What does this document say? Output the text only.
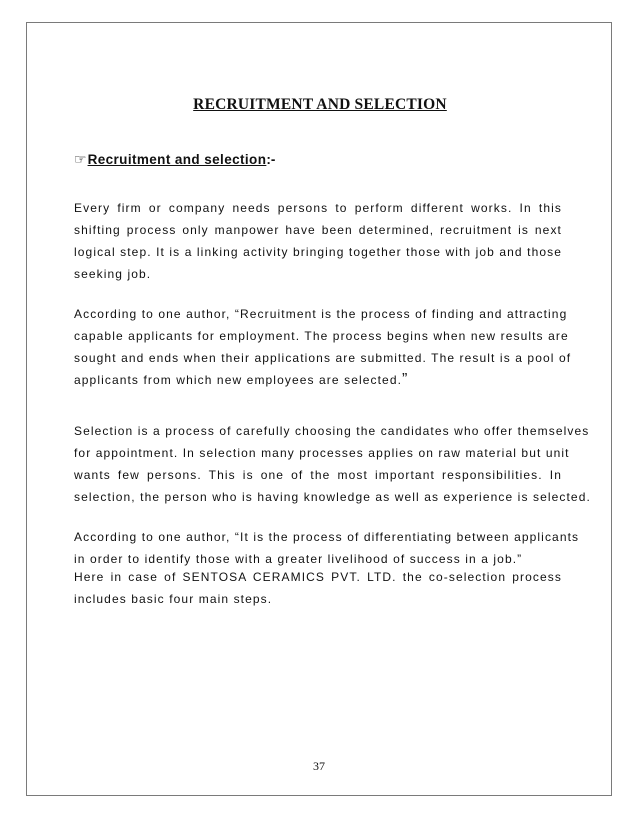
RECRUITMENT AND SELECTION
☞Recruitment and selection:-
Every firm or company needs persons to perform different works. In this
shifting process only manpower have been determined, recruitment is next
logical step. It is a linking activity bringing together those with job and those
seeking job.
According to one author, “Recruitment is the process of finding and attracting
capable applicants for employment. The process begins when new results are
sought and ends when their applications are submitted. The result is a pool of
applicants from which new employees are selected.”
Selection is a process of carefully choosing the candidates who offer themselves
for appointment. In selection many processes applies on raw material but unit
wants few persons. This is one of the most important responsibilities. In
selection, the person who is having knowledge as well as experience is selected.
According to one author, “It is the process of differentiating between applicants
in order to identify those with a greater livelihood of success in a job.”
Here in case of SENTOSA CERAMICS PVT. LTD. the co-selection process
includes basic four main steps.
37
